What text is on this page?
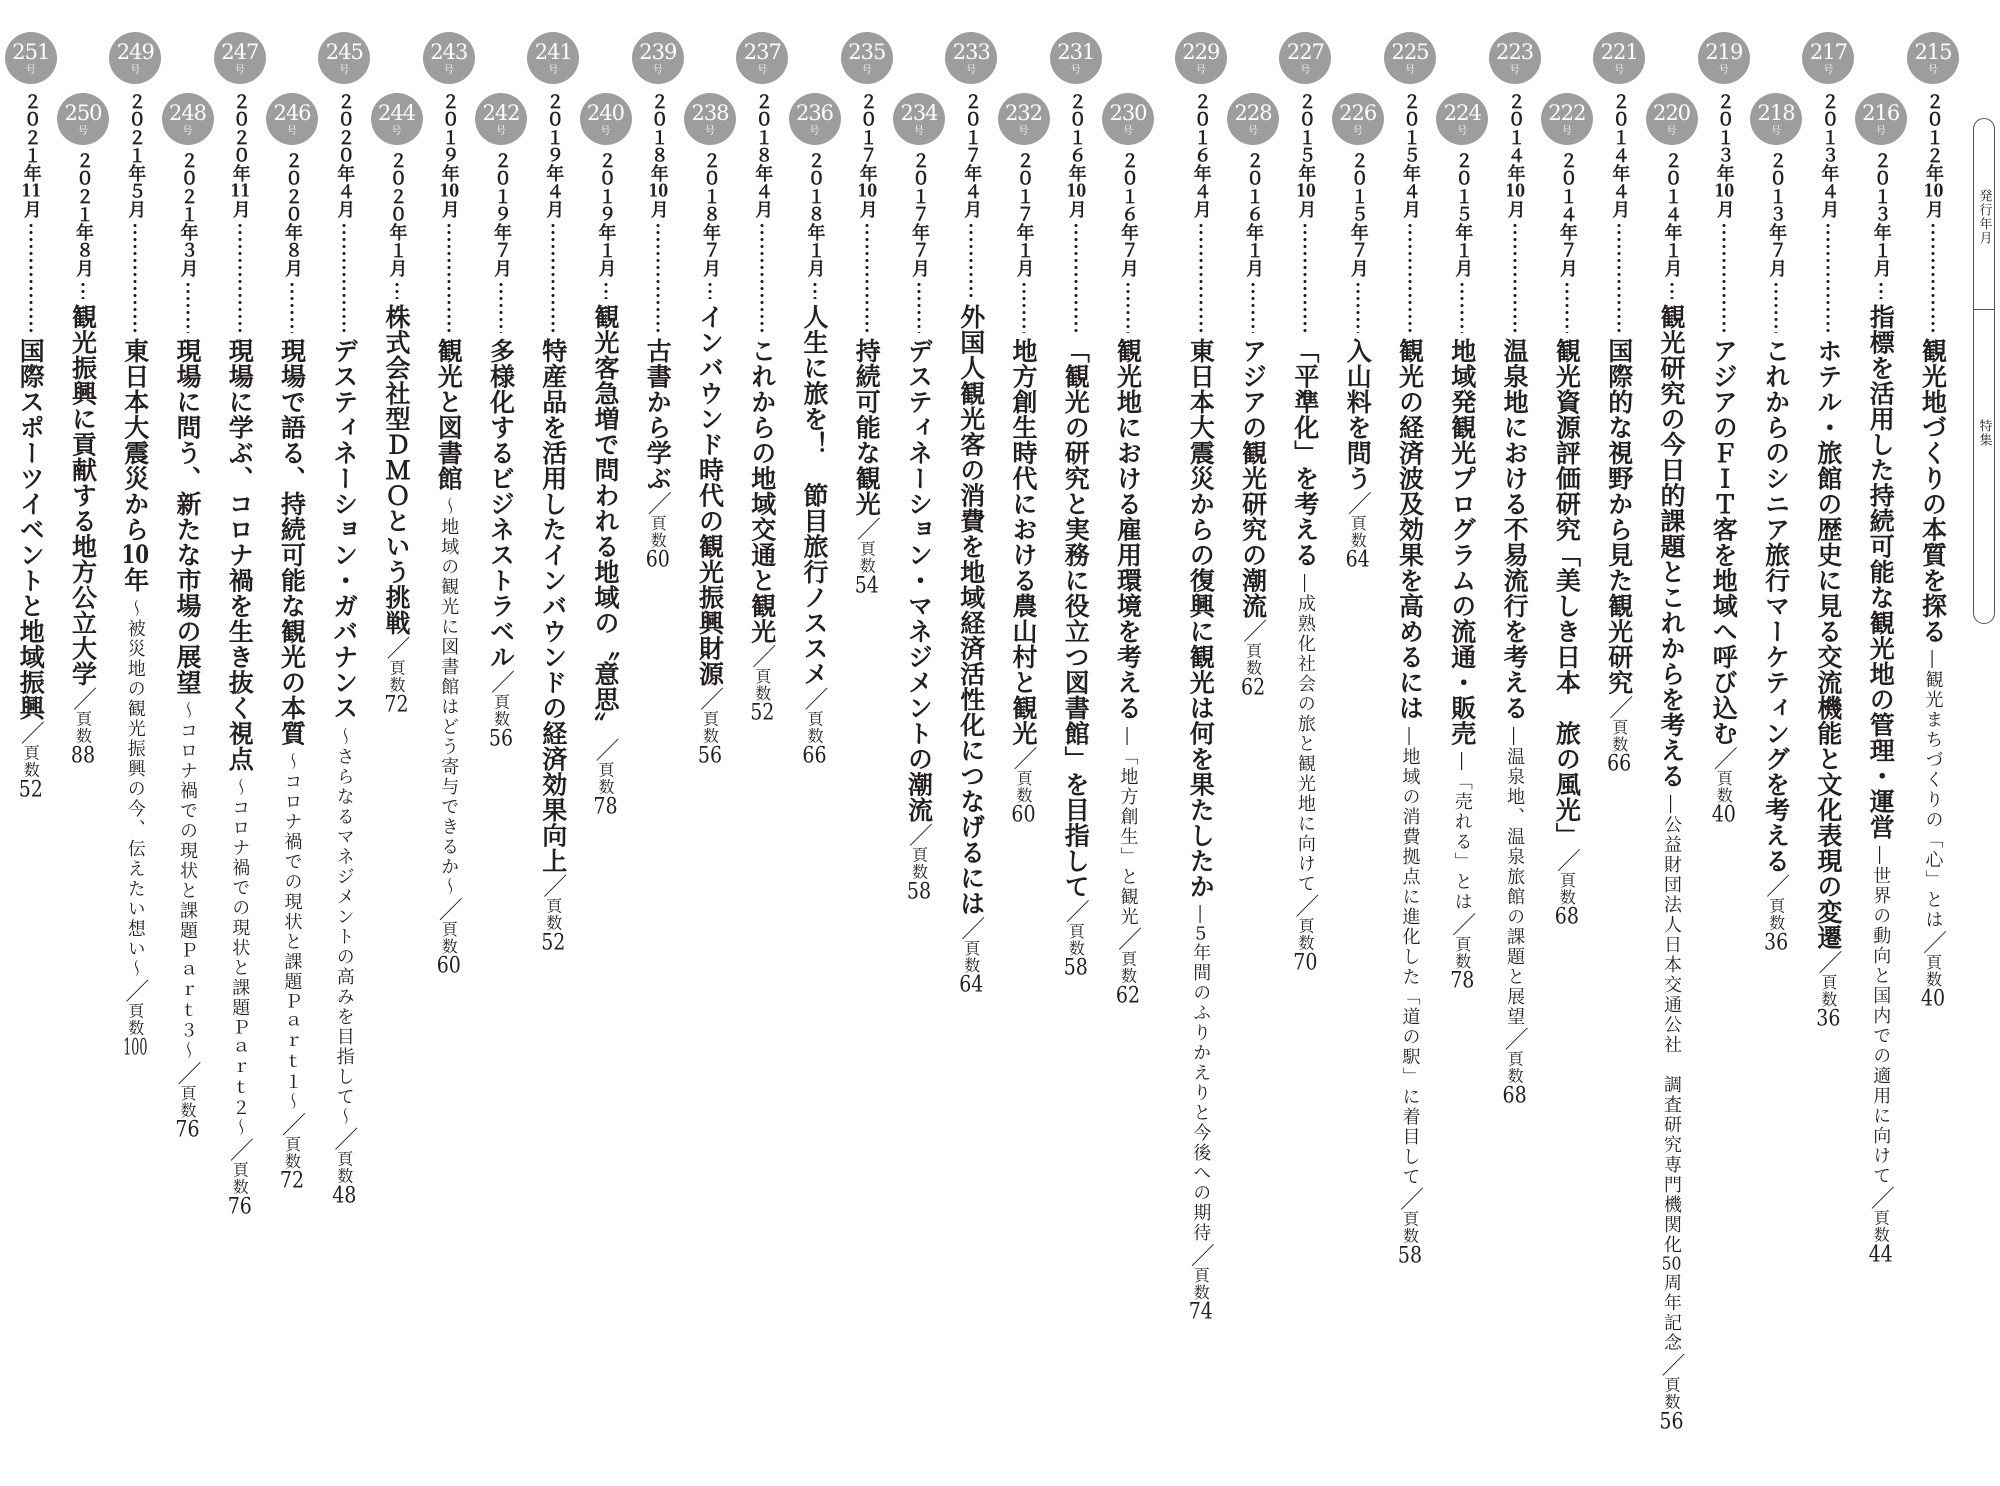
215
号
２０１２年10月
観光地づくりの本質を探る―観光まちづくりの「心」とは／頁数40
216
号
２０１３年１月
指標を活用した持続可能な観光地の管理・運営―世界の動向と国内での適用に向けて／頁数44
217
号
２０１３年４月
ホテル・旅館の歴史に見る交流機能と文化表現の変遷／頁数36
218
号
２０１３年７月
これからのシニア旅行マーケティングを考える／頁数36
219
号
２０１３年10月
アジアのＦＩＴ客を地域へ呼び込む／頁数40
220
号
２０１４年１月
観光研究の今日的課題とこれからを考える―公益財団法人日本交通公社　調査研究専門機関化50周年記念／頁数56
221
号
２０１４年４月
国際的な視野から見た観光研究／頁数66
222
号
２０１４年７月
観光資源評価研究「美しき日本　旅の風光」／頁数68
223
号
２０１４年10月
温泉地における不易流行を考える―温泉地、温泉旅館の課題と展望／頁数68
224
号
２０１５年１月
地域発観光プログラムの流通・販売―「売れる」とは／頁数78
225
号
２０１５年４月
観光の経済波及効果を高めるには―地域の消費拠点に進化した「道の駅」に着目して／頁数58
226
号
２０１５年７月
入山料を問う／頁数64
227
号
２０１５年10月
「平準化」を考える―成熟化社会の旅と観光地に向けて／頁数70
228
号
２０１６年１月
アジアの観光研究の潮流／頁数62
229
号
２０１６年４月
東日本大震災からの復興に観光は何を果たしたか―5年間のふりかえりと今後への期待／頁数74
230
号
２０１６年７月
観光地における雇用環境を考える―「地方創生」と観光／頁数62
231
号
２０１６年10月
「観光の研究と実務に役立つ図書館」を目指して／頁数58
232
号
２０１７年１月
地方創生時代における農山村と観光／頁数60
233
号
２０１７年４月
外国人観光客の消費を地域経済活性化につなげるには／頁数64
234
号
２０１７年７月
デスティネーション・マネジメントの潮流／頁数58
235
号
２０１７年10月
持続可能な観光／頁数54
236
号
２０１８年１月
人生に旅を！　節目旅行ノススメ／頁数66
237
号
２０１８年４月
これからの地域交通と観光／頁数52
238
号
２０１８年７月
インバウンド時代の観光振興財源／頁数56
239
号
２０１８年10月
古書から学ぶ／頁数60
240
号
２０１９年１月
観光客急増で問われる地域の〝意思〟／頁数78
241
号
２０１９年４月
特産品を活用したインバウンドの経済効果向上／頁数52
242
号
２０１９年７月
多様化するビジネストラベル／頁数56
243
号
２０１９年10月
観光と図書館～地域の観光に図書館はどう寄与できるか～／頁数60
244
号
２０２０年１月
株式会社型ＤＭＯという挑戦／頁数72
245
号
２０２０年４月
デスティネーション・ガバナンス～さらなるマネジメントの高みを目指して～／頁数48
246
号
２０２０年８月
現場で語る、持続可能な観光の本質～コロナ禍での現状と課題Ｐａｒｔ１～／頁数72
247
号
２０２０年11月
現場に学ぶ、コロナ禍を生き抜く視点～コロナ禍での現状と課題Ｐａｒｔ２～／頁数76
248
号
２０２１年３月
現場に問う、新たな市場の展望～コロナ禍での現状と課題Ｐａｒｔ３～／頁数76
249
号
２０２１年５月
東日本大震災から10年～被災地の観光振興の今、伝えたい想い～／頁数100
250
号
２０２１年８月
観光振興に貢献する地方公立大学／頁数88
251
号
２０２１年11月
国際スポーツイベントと地域振興／頁数52
発行年月
特集
